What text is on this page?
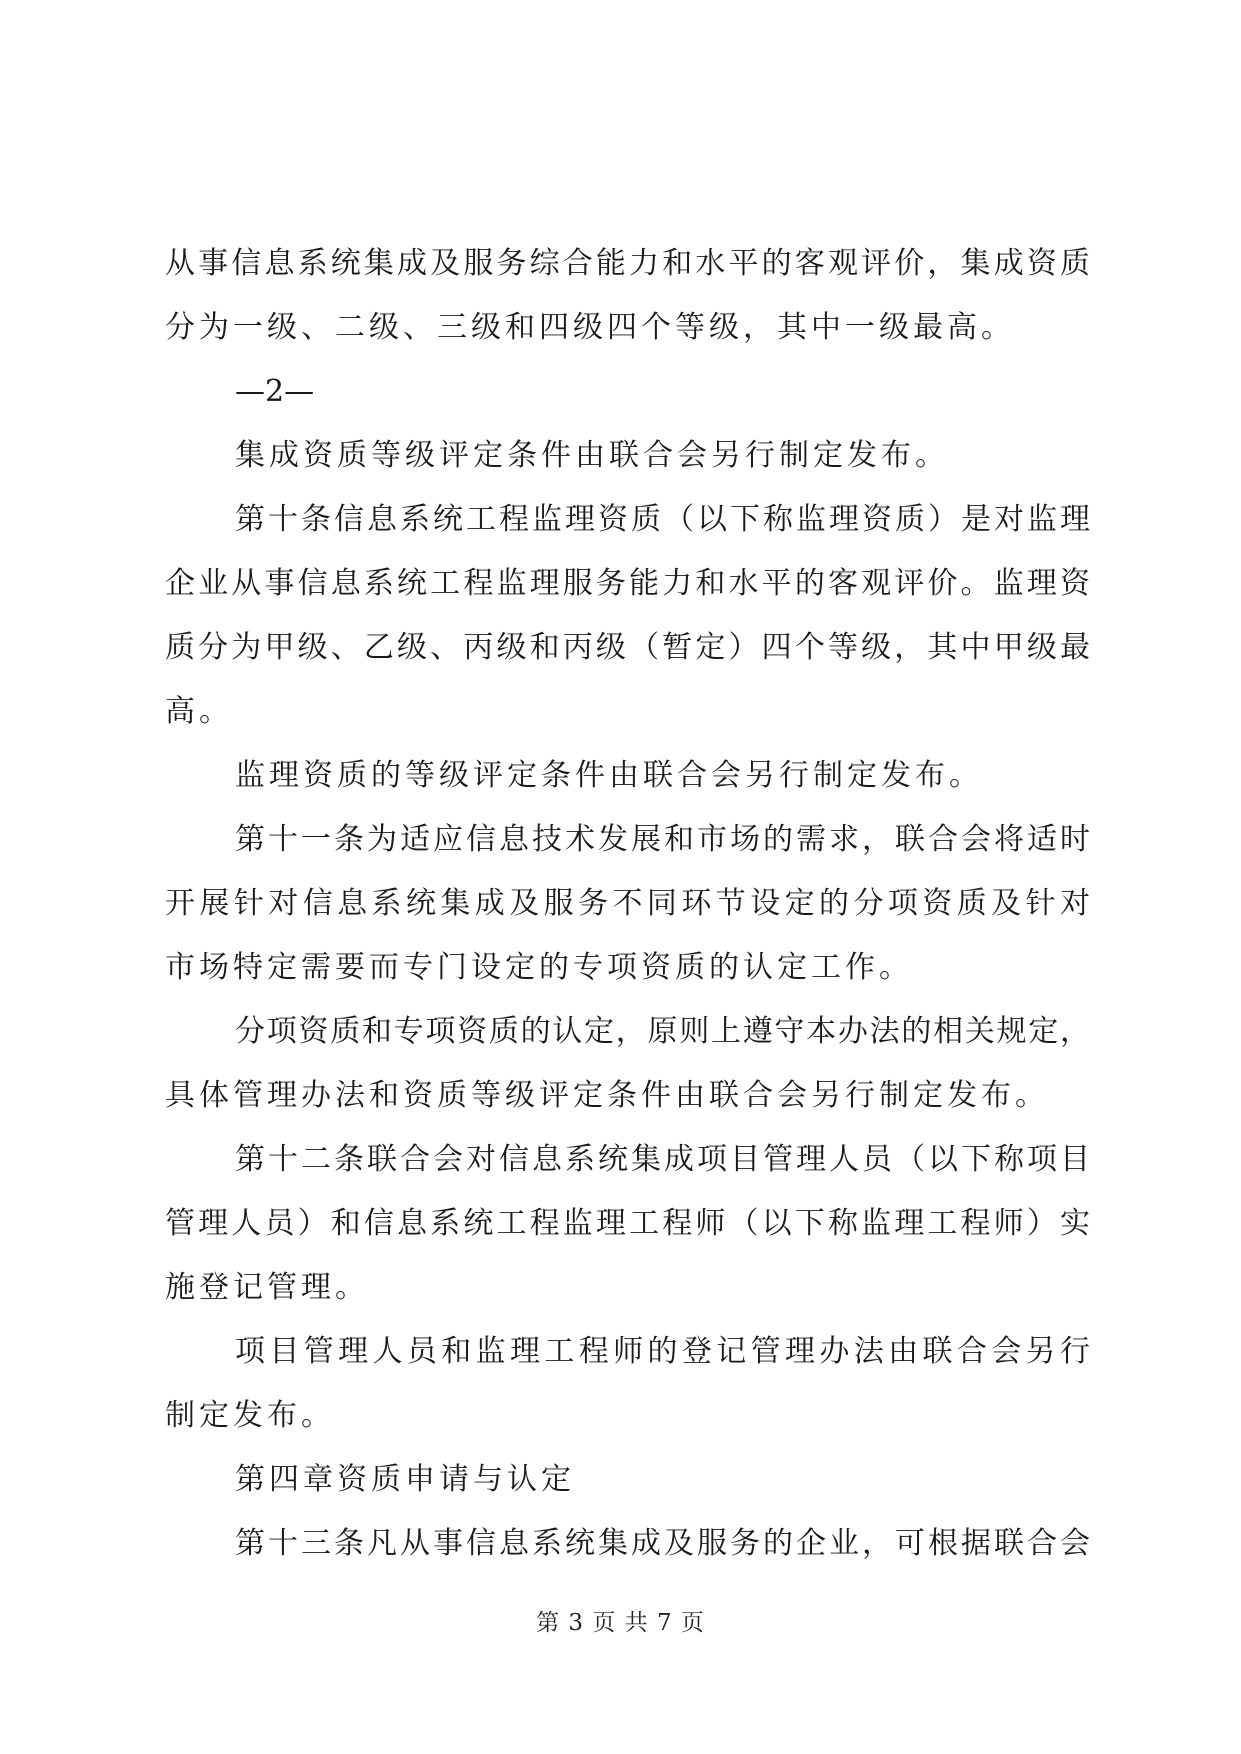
从事信息系统集成及服务综合能力和水平的客观评价，集成资质
分为一级、二级、三级和四级四个等级，其中一级最高。
—2—
集成资质等级评定条件由联合会另行制定发布。
第十条信息系统工程监理资质（以下称监理资质）是对监理
企业从事信息系统工程监理服务能力和水平的客观评价。监理资
质分为甲级、乙级、丙级和丙级（暂定）四个等级，其中甲级最
高。
监理资质的等级评定条件由联合会另行制定发布。
第十一条为适应信息技术发展和市场的需求，联合会将适时
开展针对信息系统集成及服务不同环节设定的分项资质及针对
市场特定需要而专门设定的专项资质的认定工作。
分项资质和专项资质的认定，原则上遵守本办法的相关规定，
具体管理办法和资质等级评定条件由联合会另行制定发布。
第十二条联合会对信息系统集成项目管理人员（以下称项目
管理人员）和信息系统工程监理工程师（以下称监理工程师）实
施登记管理。
项目管理人员和监理工程师的登记管理办法由联合会另行
制定发布。
第四章资质申请与认定
第十三条凡从事信息系统集成及服务的企业，可根据联合会
第 3 页 共 7 页
